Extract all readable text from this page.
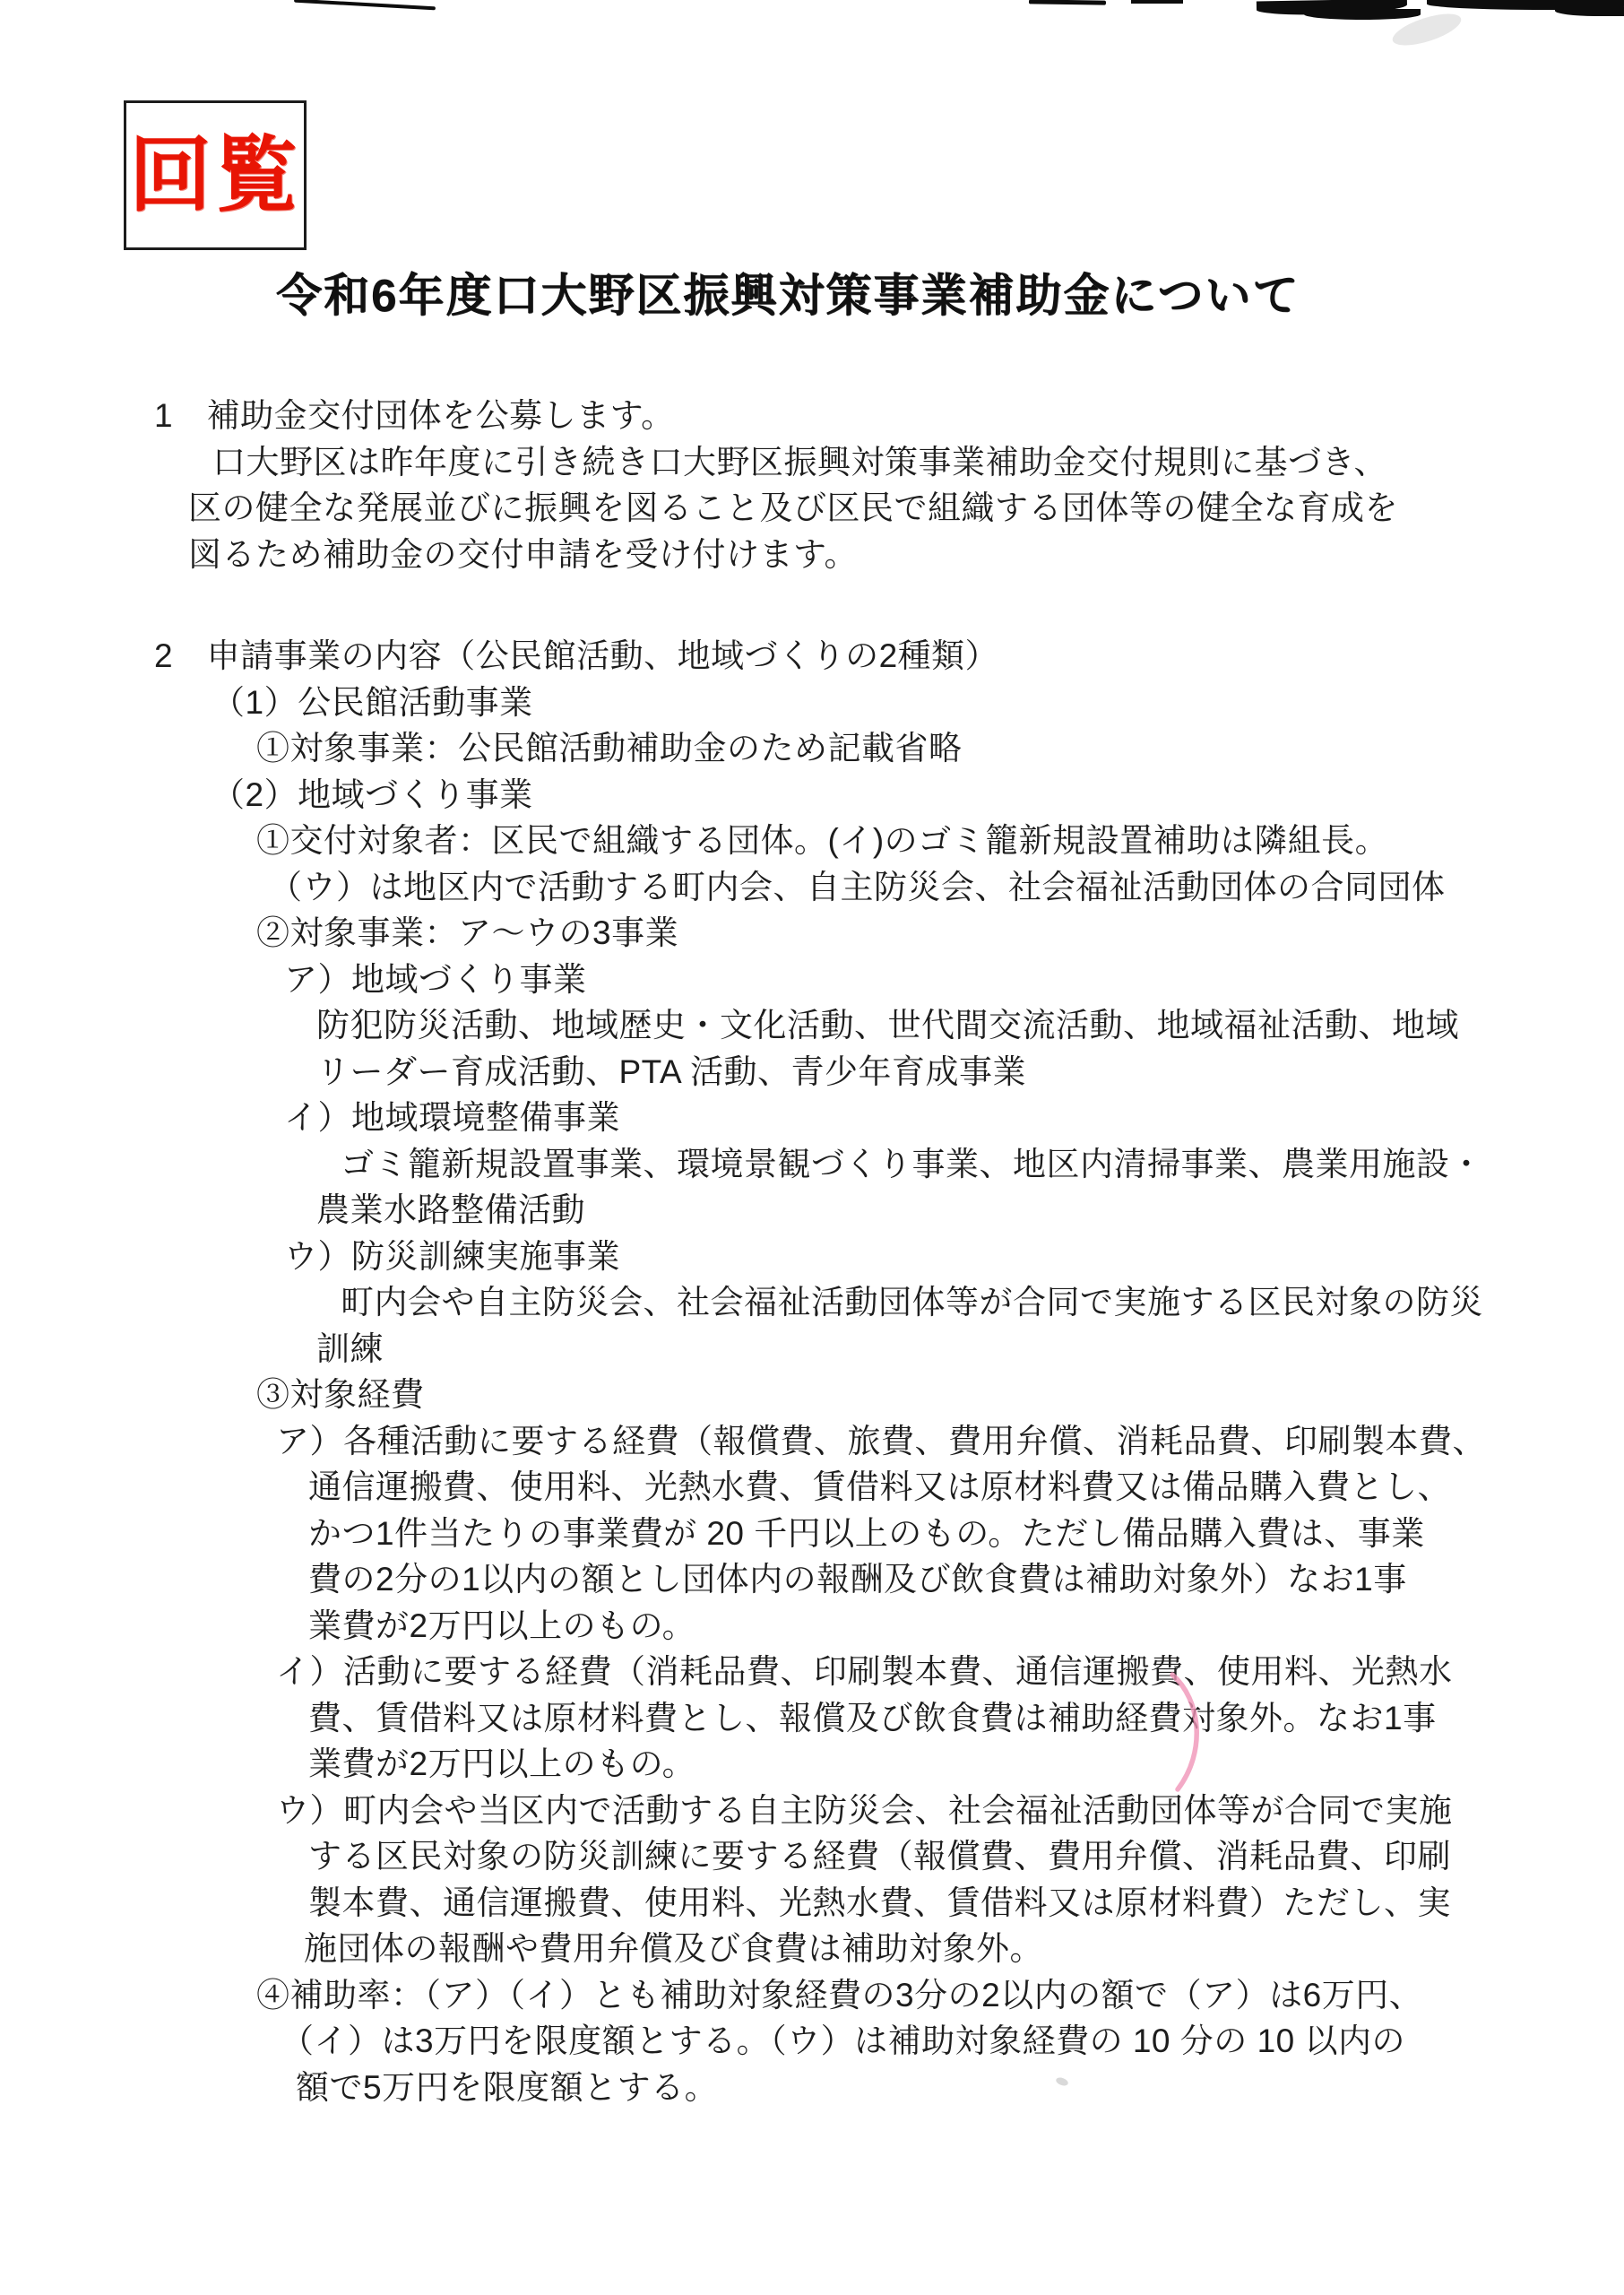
回覧
令和6年度口大野区振興対策事業補助金について
1　補助金交付団体を公募します。
口大野区は昨年度に引き続き口大野区振興対策事業補助金交付規則に基づき、
区の健全な発展並びに振興を図ること及び区民で組織する団体等の健全な育成を
図るため補助金の交付申請を受け付けます。
2　申請事業の内容（公民館活動、地域づくりの2種類）
（1）公民館活動事業
①対象事業：公民館活動補助金のため記載省略
（2）地域づくり事業
①交付対象者：区民で組織する団体。(イ)のゴミ籠新規設置補助は隣組長。
（ウ）は地区内で活動する町内会、自主防災会、社会福祉活動団体の合同団体
②対象事業：ア～ウの3事業
ア）地域づくり事業
防犯防災活動、地域歴史・文化活動、世代間交流活動、地域福祉活動、地域
リーダー育成活動、PTA 活動、青少年育成事業
イ）地域環境整備事業
ゴミ籠新規設置事業、環境景観づくり事業、地区内清掃事業、農業用施設・
農業水路整備活動
ウ）防災訓練実施事業
町内会や自主防災会、社会福祉活動団体等が合同で実施する区民対象の防災
訓練
③対象経費
ア）各種活動に要する経費（報償費、旅費、費用弁償、消耗品費、印刷製本費、
通信運搬費、使用料、光熱水費、賃借料又は原材料費又は備品購入費とし、
かつ1件当たりの事業費が 20 千円以上のもの。ただし備品購入費は、事業
費の2分の1以内の額とし団体内の報酬及び飲食費は補助対象外）なお1事
業費が2万円以上のもの。
イ）活動に要する経費（消耗品費、印刷製本費、通信運搬費、使用料、光熱水
費、賃借料又は原材料費とし、報償及び飲食費は補助経費対象外。なお1事
業費が2万円以上のもの。
ウ）町内会や当区内で活動する自主防災会、社会福祉活動団体等が合同で実施
する区民対象の防災訓練に要する経費（報償費、費用弁償、消耗品費、印刷
製本費、通信運搬費、使用料、光熱水費、賃借料又は原材料費）ただし、実
施団体の報酬や費用弁償及び食費は補助対象外。
④補助率：（ア）（イ）とも補助対象経費の3分の2以内の額で（ア）は6万円、
（イ）は3万円を限度額とする。（ウ）は補助対象経費の 10 分の 10 以内の
額で5万円を限度額とする。
